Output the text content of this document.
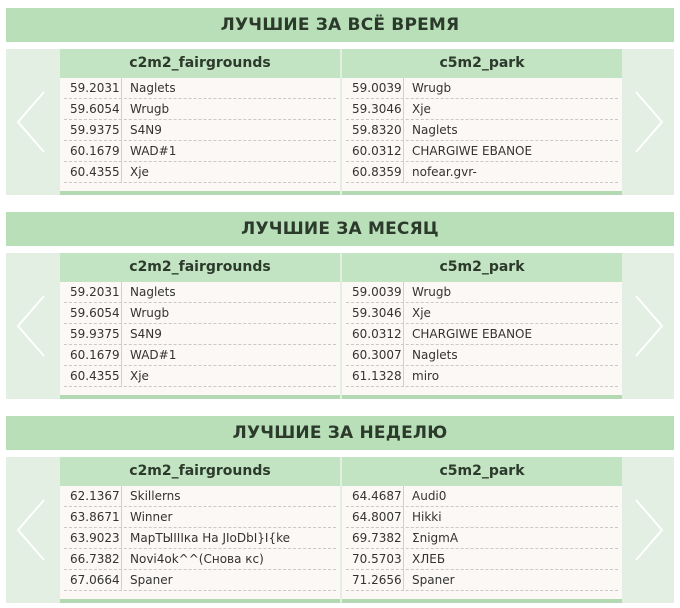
ЛУЧШИЕ ЗА ВСЁ ВРЕМЯ
c2m2_fairgrounds
59.2031 Naglets
59.6054 Wrugb
59.9375 S4N9
60.1679 WAD#1
60.4355 Xje
c5m2_park
59.0039 Wrugb
59.3046 Xje
59.8320 Naglets
60.0312 CHARGIWE EBANOE
60.8359 nofear.gvr-
ЛУЧШИЕ ЗА МЕСЯЦ
c2m2_fairgrounds
59.2031 Naglets
59.6054 Wrugb
59.9375 S4N9
60.1679 WAD#1
60.4355 Xje
c5m2_park
59.0039 Wrugb
59.3046 Xje
60.0312 CHARGIWE EBANOE
60.3007 Naglets
61.1328 miro
ЛУЧШИЕ ЗА НЕДЕЛЮ
c2m2_fairgrounds
62.1367 Skillerns
63.8671 Winner
63.9023 МарТЫIIIка На JIoDbI}I{ke
66.7382 Novi4ok^^(Снова кс)
67.0664 Spaner
c5m2_park
64.4687 Audi0
64.8007 Hikki
69.7382 ΣnigmA
70.5703 ХЛЕБ
71.2656 Spaner
